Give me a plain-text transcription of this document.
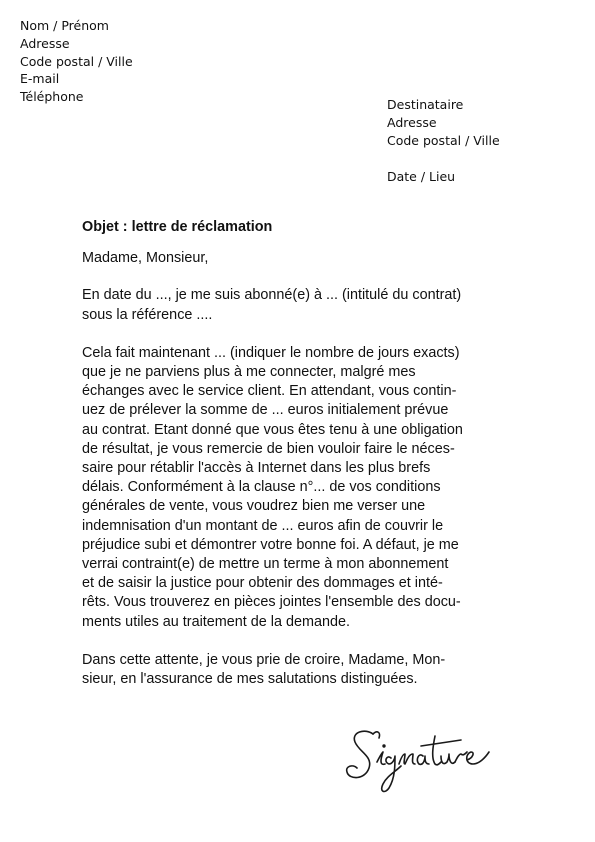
Nom / Prénom
Adresse
Code postal / Ville
E-mail
Téléphone
Destinataire
Adresse
Code postal / Ville
Date / Lieu

Objet : lettre de réclamation

Madame, Monsieur,

En date du ..., je me suis abonné(e) à ... (intitulé du contrat)
sous la référence ....

Cela fait maintenant ... (indiquer le nombre de jours exacts)
que je ne parviens plus à me connecter, malgré mes
échanges avec le service client. En attendant, vous contin-
uez de prélever la somme de ... euros initialement prévue
au contrat. Etant donné que vous êtes tenu à une obligation
de résultat, je vous remercie de bien vouloir faire le néces-
saire pour rétablir l'accès à Internet dans les plus brefs
délais. Conformément à la clause n°... de vos conditions
générales de vente, vous voudrez bien me verser une
indemnisation d'un montant de ... euros afin de couvrir le
préjudice subi et démontrer votre bonne foi. A défaut, je me
verrai contraint(e) de mettre un terme à mon abonnement
et de saisir la justice pour obtenir des dommages et inté-
rêts. Vous trouverez en pièces jointes l'ensemble des docu-
ments utiles au traitement de la demande.

Dans cette attente, je vous prie de croire, Madame, Mon-
sieur, en l'assurance de mes salutations distinguées.
